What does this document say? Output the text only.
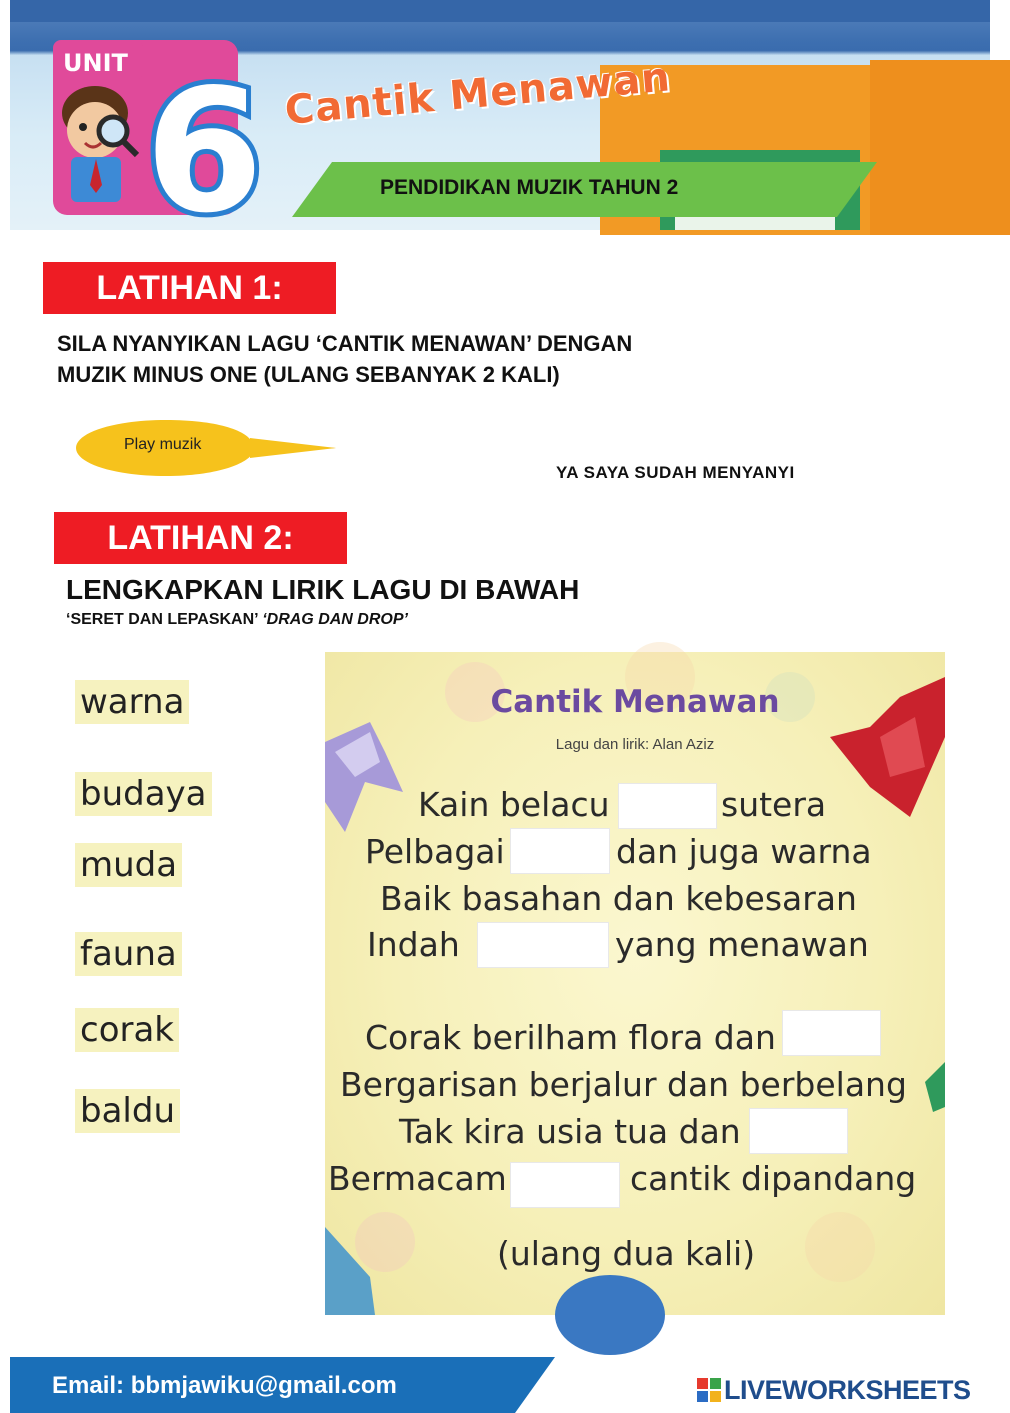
UNIT 6 Cantik Menawan
PENDIDIKAN MUZIK TAHUN 2
LATIHAN 1:
SILA NYANYIKAN LAGU ‘CANTIK MENAWAN’ DENGAN
MUZIK MINUS ONE (ULANG SEBANYAK 2 KALI)
Play muzik
YA SAYA SUDAH MENYANYI
LATIHAN 2:
LENGKAPKAN LIRIK LAGU DI BAWAH
‘SERET DAN LEPASKAN’ ‘DRAG DAN DROP’
warna
budaya
muda
fauna
corak
baldu
Cantik Menawan
Lagu dan lirik: Alan Aziz
Kain belacu	sutera
Pelbagai	dan juga warna
Baik basahan dan kebesaran
Indah	yang menawan
Corak berilham flora dan
Bergarisan berjalur dan berbelang
Tak kira usia tua dan
Bermacam	cantik dipandang
(ulang dua kali)
Email: bbmjawiku@gmail.com	LIVEWORKSHEETS
